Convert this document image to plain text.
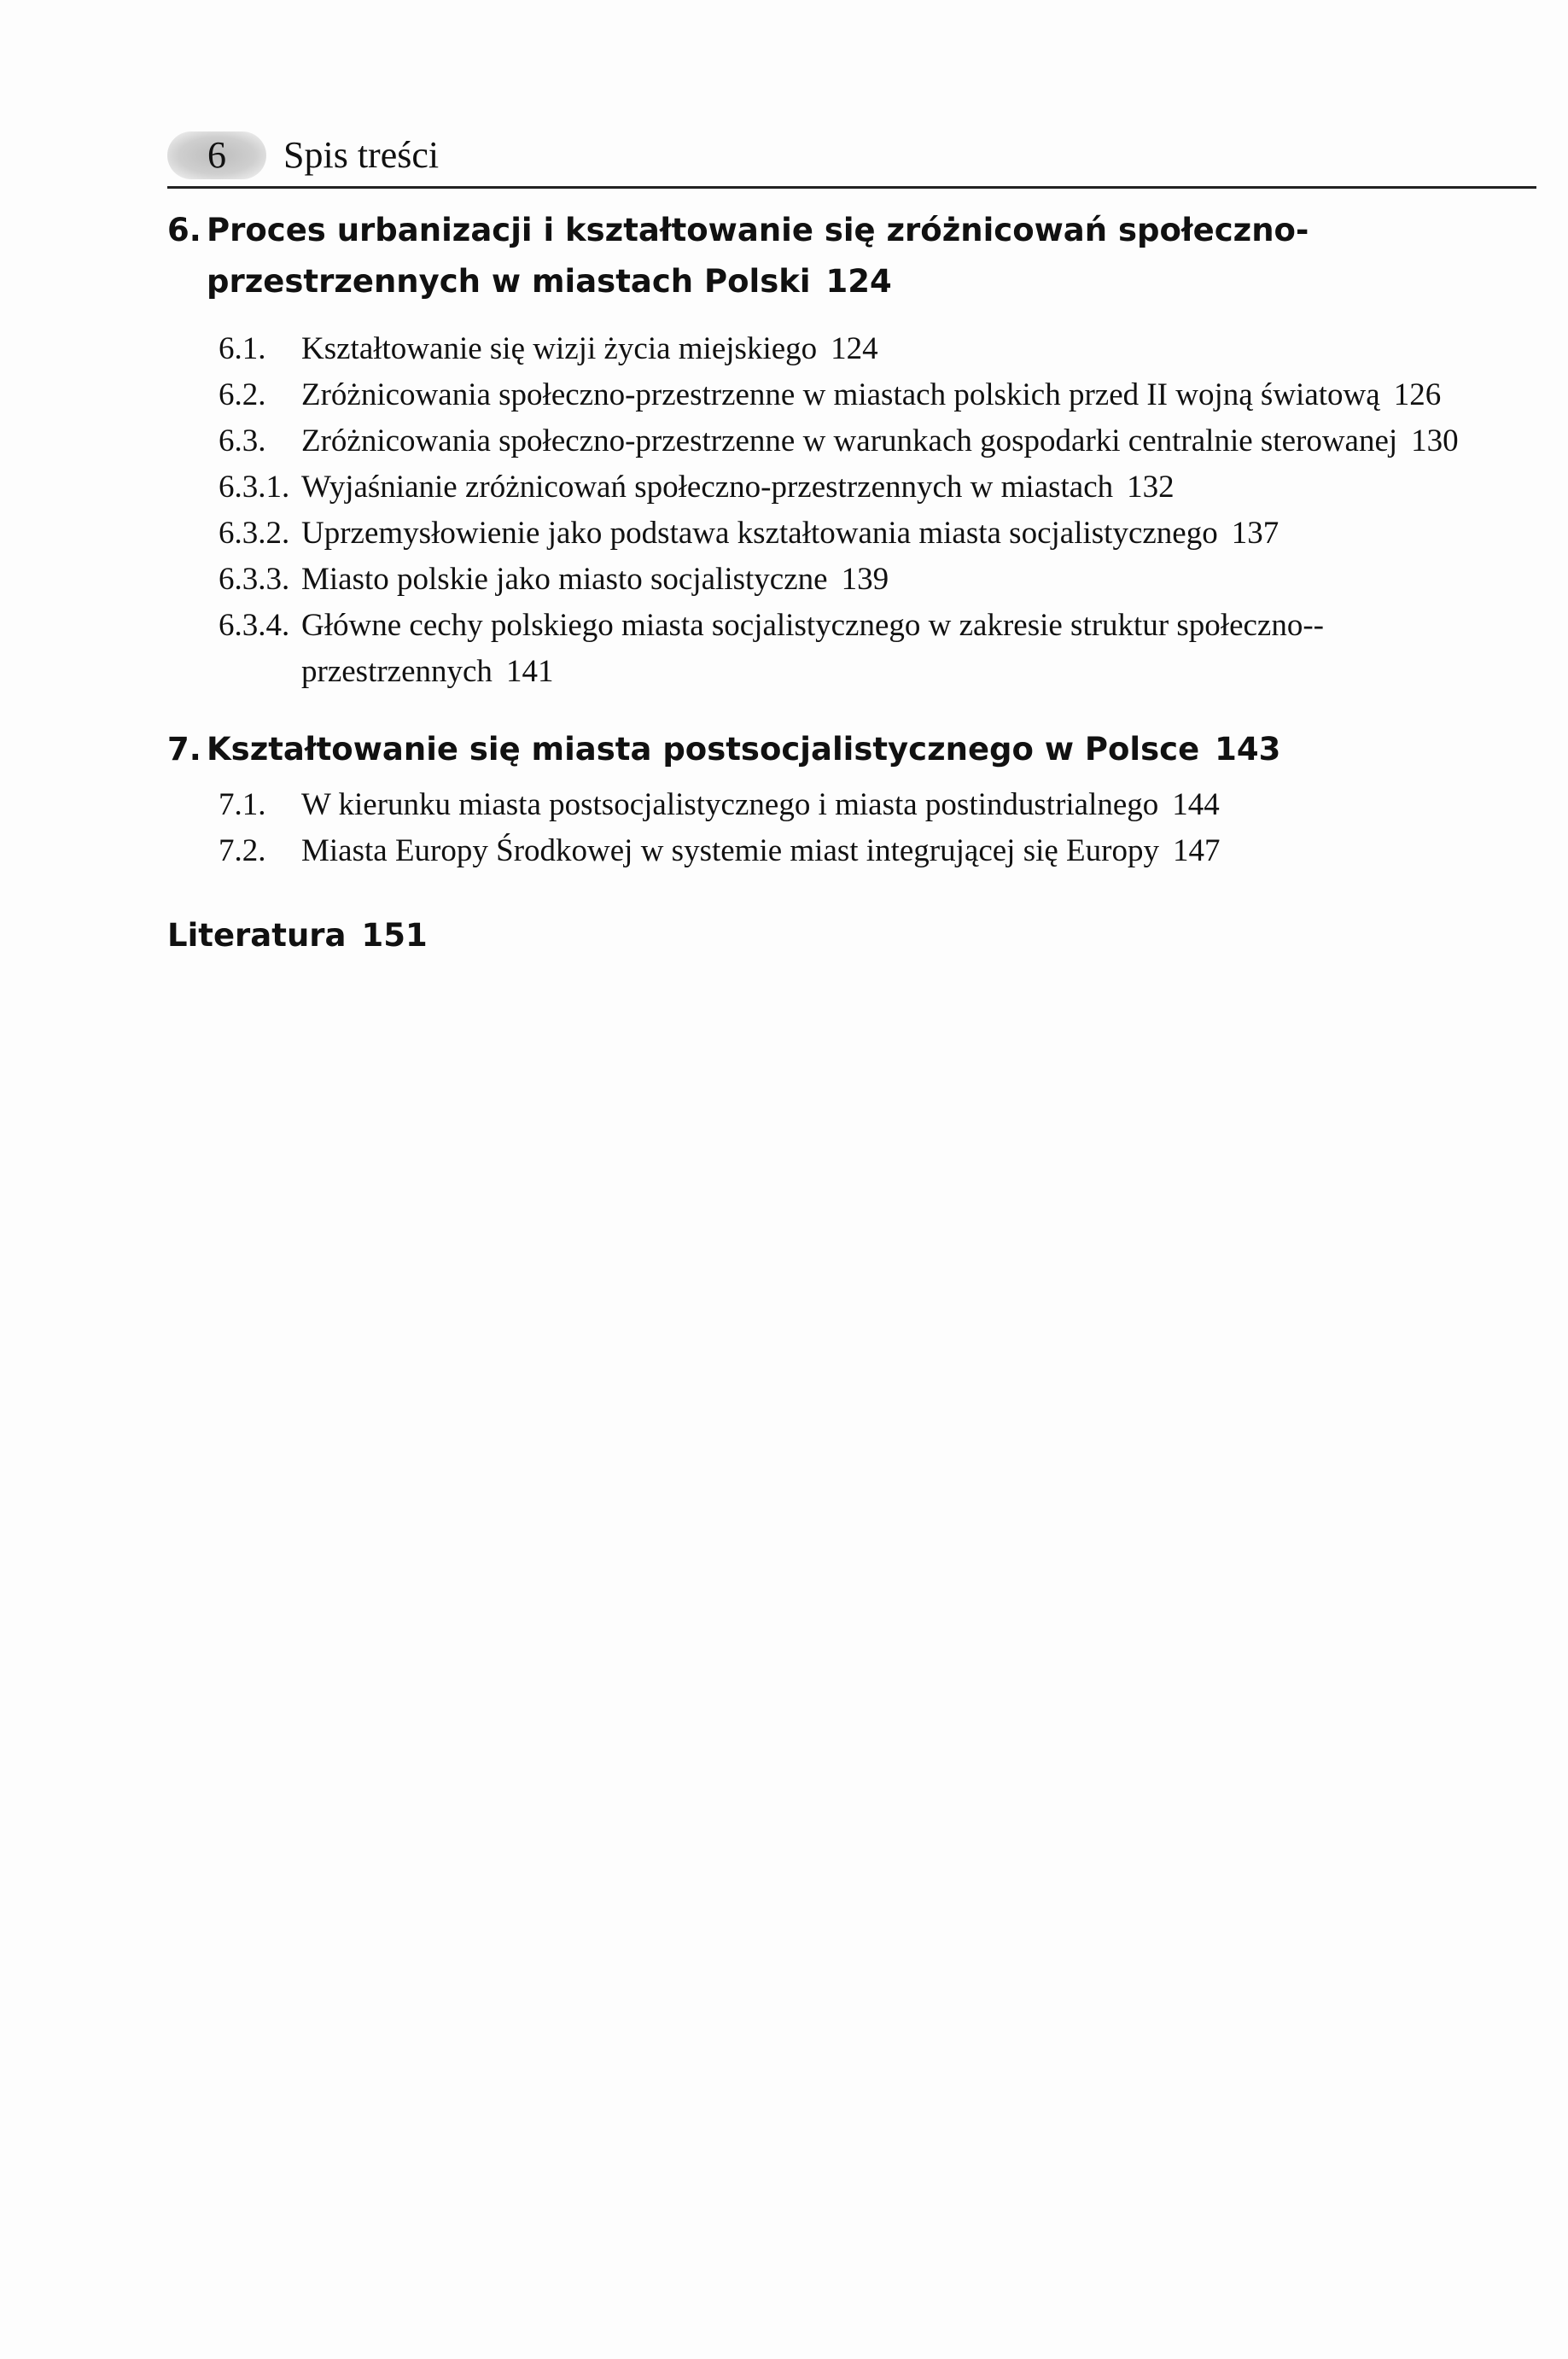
6	Spis treści
6. Proces urbanizacji i kształtowanie się zróżnicowań społeczno-przestrzennych w miastach Polski 124
6.1. Kształtowanie się wizji życia miejskiego 124
6.2. Zróżnicowania społeczno-przestrzenne w miastach polskich przed II wojną światową 126
6.3. Zróżnicowania społeczno-przestrzenne w warunkach gospodarki centralnie sterowanej 130
6.3.1. Wyjaśnianie zróżnicowań społeczno-przestrzennych w miastach 132
6.3.2. Uprzemysłowienie jako podstawa kształtowania miasta socjalistycznego 137
6.3.3. Miasto polskie jako miasto socjalistyczne 139
6.3.4. Główne cechy polskiego miasta socjalistycznego w zakresie struktur społeczno--przestrzennych 141
7. Kształtowanie się miasta postsocjalistycznego w Polsce 143
7.1. W kierunku miasta postsocjalistycznego i miasta postindustrialnego 144
7.2. Miasta Europy Środkowej w systemie miast integrującej się Europy 147
Literatura 151
